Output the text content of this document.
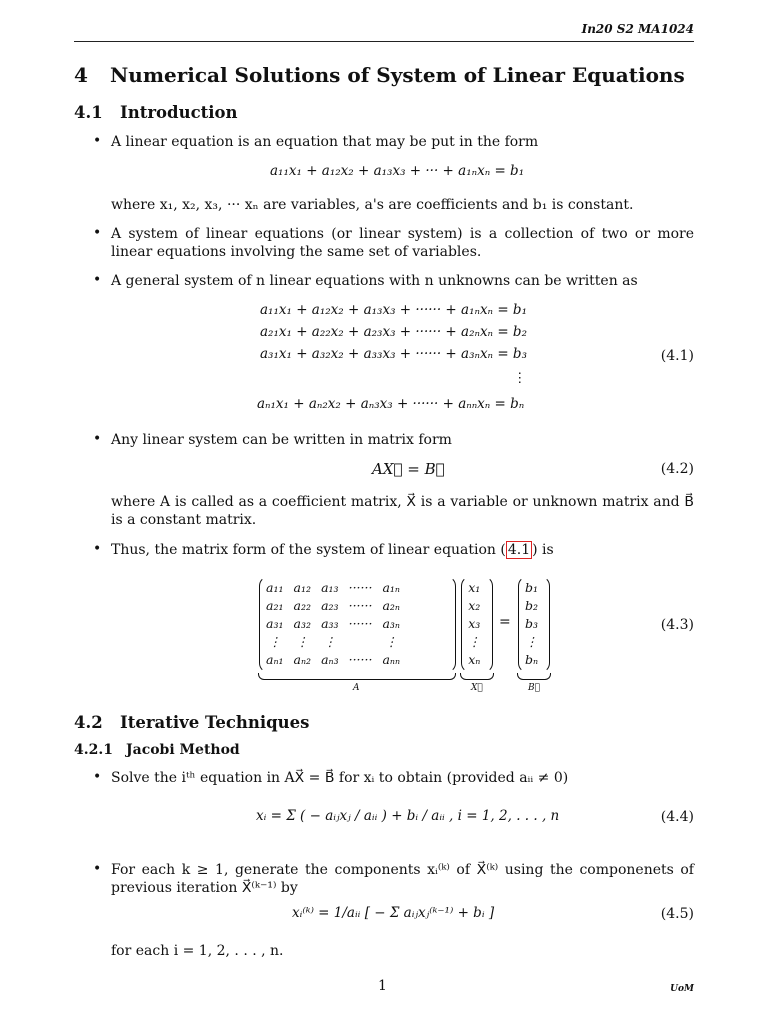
In20 S2 MA1024
4 Numerical Solutions of System of Linear Equations
4.1 Introduction
• A linear equation is an equation that may be put in the form
a₁₁x₁ + a₁₂x₂ + a₁₃x₃ + ··· + a₁ₙxₙ = b₁
where x₁, x₂, x₃, ··· xₙ are variables, a's are coefficients and b₁ is constant.
• A system of linear equations (or linear system) is a collection of two or more linear equations involving the same set of variables.
• A general system of n linear equations with n unknowns can be written as
a₁₁x₁ + a₁₂x₂ + a₁₃x₃ + ······ + a₁ₙxₙ = b₁
a₂₁x₁ + a₂₂x₂ + a₂₃x₃ + ······ + a₂ₙxₙ = b₂
a₃₁x₁ + a₃₂x₂ + a₃₃x₃ + ······ + a₃ₙxₙ = b₃
⋮
aₙ₁x₁ + aₙ₂x₂ + aₙ₃x₃ + ······ + aₙₙxₙ = bₙ
(4.1)
• Any linear system can be written in matrix form
AX⃗ = B⃗	(4.2)
where A is called as a coefficient matrix, X⃗ is a variable or unknown matrix and B⃗ is a constant matrix.
• Thus, the matrix form of the system of linear equation ( 4.1 ) is
a₁₁	a₁₂	a₁₃	······	a₁ₙ
a₂₁	a₂₂	a₂₃	······	a₂ₙ
a₃₁	a₃₂	a₃₃	······	a₃ₙ
⋮	⋮	⋮		⋮
aₙ₁	aₙ₂	aₙ₃	······	aₙₙ
x₁
x₂
x₃
⋮
xₙ
=
b₁
b₂
b₃
⋮
bₙ
A	X⃗	B⃗
(4.3)
4.2 Iterative Techniques
4.2.1 Jacobi Method
• Solve the iᵗʰ equation in AX⃗ = B⃗ for xᵢ to obtain (provided aᵢᵢ ≠ 0)
xᵢ = Σ ( − aᵢⱼxⱼ / aᵢᵢ ) + bᵢ / aᵢᵢ , i = 1, 2, . . . , n	(4.4)
• For each k ≥ 1, generate the components xᵢ⁽ᵏ⁾ of X⃗⁽ᵏ⁾ using the componenets of previous iteration X⃗⁽ᵏ⁻¹⁾ by
xᵢ⁽ᵏ⁾ = 1/aᵢᵢ [ − Σ aᵢⱼxⱼ⁽ᵏ⁻¹⁾ + bᵢ ]	(4.5)
for each i = 1, 2, . . . , n.
1	UoM
